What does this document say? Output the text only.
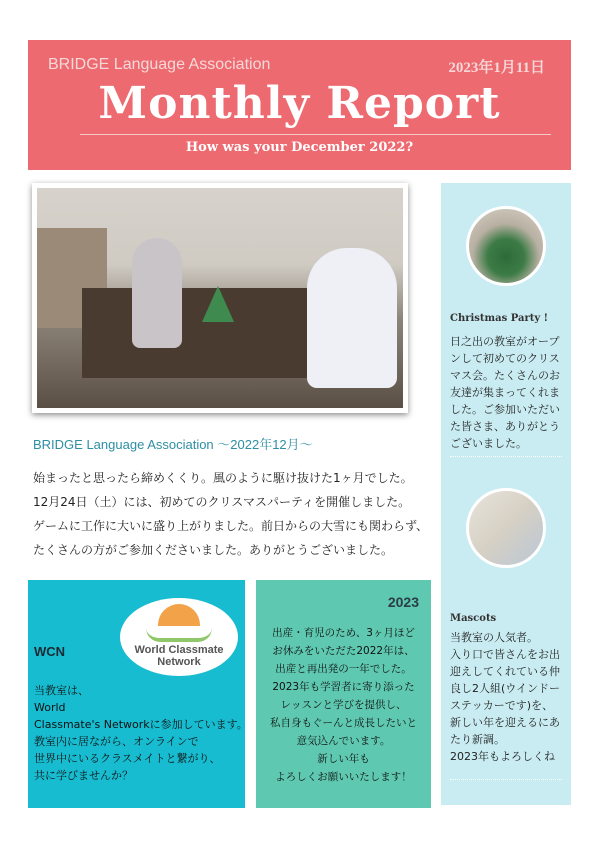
BRIDGE Language Association	2023年1月11日
Monthly Report
How was your December 2022?
BRIDGE Language Association 〜2022年12月〜

始まったと思ったら締めくくり。風のように駆け抜けた1ヶ月でした。

12月24日（土）には、初めてのクリスマスパーティを開催しました。

ゲームに工作に大いに盛り上がりました。前日からの大雪にも関わらず、

たくさんの方がご参加くださいました。ありがとうございました。

Christmas Party !

日之出の教室がオープ

ンして初めてのクリス

マス会。たくさんのお

友達が集まってくれま

した。ご参加いただい

た皆さま、ありがとう

ございました。

Mascots

当教室の人気者。

入り口で皆さんをお出

迎えしてくれている仲

良し2人組(ウインドー

ステッカーです)を、

新しい年を迎えるにあ

たり新調。

2023年もよろしくね

World Classmate
Network
WCN

当教室は、

World

Classmate's Networkに参加しています。

教室内に居ながら、オンラインで

世界中にいるクラスメイトと繋がり、

共に学びませんか？

2023

出産・育児のため、3ヶ月ほど

お休みをいただた2022年は、

出産と再出発の一年でした。

2023年も学習者に寄り添った

レッスンと学びを提供し、

私自身もぐーんと成長したいと

意気込んでいます。

新しい年も

よろしくお願いいたします！
